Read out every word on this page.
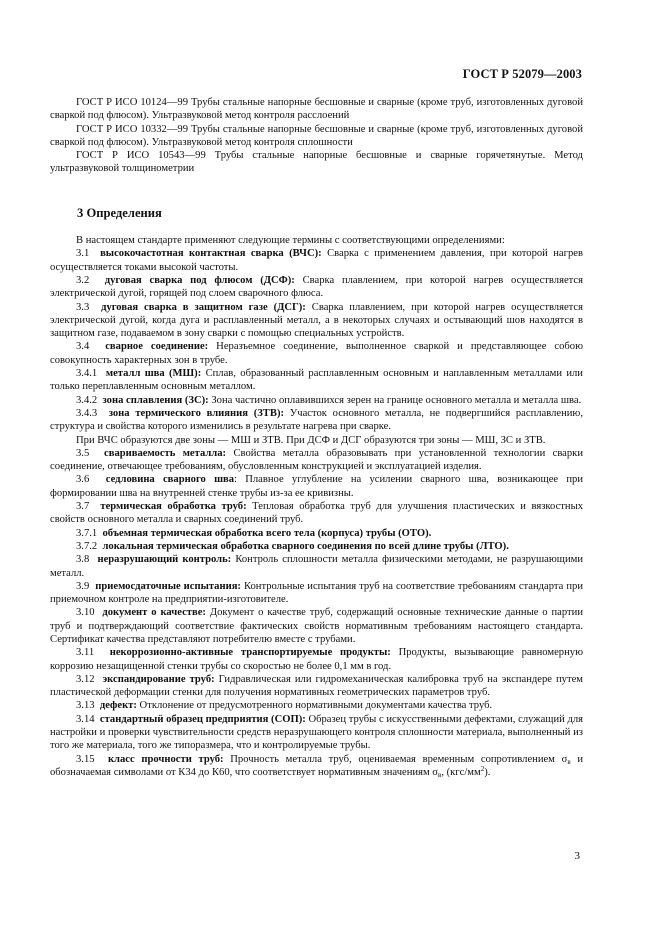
ГОСТ Р 52079—2003

ГОСТ Р ИСО 10124—99 Трубы стальные напорные бесшовные и сварные (кроме труб, изготовленных дуговой сваркой под флюсом). Ультразвуковой метод контроля расслоений

ГОСТ Р ИСО 10332—99 Трубы стальные напорные бесшовные и сварные (кроме труб, изготовленных дуговой сваркой под флюсом). Ультразвуковой метод контроля сплошности

ГОСТ Р ИСО 10543—99 Трубы стальные напорные бесшовные и сварные горячетянутые. Метод ультразвуковой толщинометрии

3 Определения

В настоящем стандарте применяют следующие термины с соответствующими определениями:

3.1 высокочастотная контактная сварка (ВЧС): Сварка с применением давления, при которой нагрев осуществляется токами высокой частоты.

3.2 дуговая сварка под флюсом (ДСФ): Сварка плавлением, при которой нагрев осуществляется электрической дугой, горящей под слоем сварочного флюса.

3.3 дуговая сварка в защитном газе (ДСГ): Сварка плавлением, при которой нагрев осуществляется электрической дугой, когда дуга и расплавленный металл, а в некоторых случаях и остывающий шов находятся в защитном газе, подаваемом в зону сварки с помощью специальных устройств.

3.4 сварное соединение: Неразъемное соединение, выполненное сваркой и представляющее собою совокупность характерных зон в трубе.

3.4.1 металл шва (МШ): Сплав, образованный расплавленным основным и наплавленным металлами или только переплавленным основным металлом.

3.4.2 зона сплавления (ЗС): Зона частично оплавившихся зерен на границе основного металла и металла шва.

3.4.3 зона термического влияния (ЗТВ): Участок основного металла, не подвергшийся расплавлению, структура и свойства которого изменились в результате нагрева при сварке.

При ВЧС образуются две зоны — МШ и ЗТВ. При ДСФ и ДСГ образуются три зоны — МШ, ЗС и ЗТВ.

3.5 свариваемость металла: Свойства металла образовывать при установленной технологии сварки соединение, отвечающее требованиям, обусловленным конструкцией и эксплуатацией изделия.

3.6 седловина сварного шва: Плавное углубление на усилении сварного шва, возникающее при формировании шва на внутренней стенке трубы из-за ее кривизны.

3.7 термическая обработка труб: Тепловая обработка труб для улучшения пластических и вязкостных свойств основного металла и сварных соединений труб.

3.7.1 объемная термическая обработка всего тела (корпуса) трубы (ОТО).

3.7.2 локальная термическая обработка сварного соединения по всей длине трубы (ЛТО).

3.8 неразрушающий контроль: Контроль сплошности металла физическими методами, не разрушающими металл.

3.9 приемосдаточные испытания: Контрольные испытания труб на соответствие требованиям стандарта при приемочном контроле на предприятии-изготовителе.

3.10 документ о качестве: Документ о качестве труб, содержащий основные технические данные о партии труб и подтверждающий соответствие фактических свойств нормативным требованиям настоящего стандарта. Сертификат качества представляют потребителю вместе с трубами.

3.11 некоррозионно-активные транспортируемые продукты: Продукты, вызывающие равномерную коррозию незащищенной стенки трубы со скоростью не более 0,1 мм в год.

3.12 экспандирование труб: Гидравлическая или гидромеханическая калибровка труб на экспандере путем пластической деформации стенки для получения нормативных геометрических параметров труб.

3.13 дефект: Отклонение от предусмотренного нормативными документами качества труб.

3.14 стандартный образец предприятия (СОП): Образец трубы с искусственными дефектами, служащий для настройки и проверки чувствительности средств неразрушающего контроля сплошности материала, выполненный из того же материала, того же типоразмера, что и контролируемые трубы.

3.15 класс прочности труб: Прочность металла труб, оцениваемая временным сопротивлением $\sigma_в$ и обозначаемая символами от К34 до К60, что соответствует нормативным значениям $\sigma_в$, $(кгс/мм^2)$.

3
